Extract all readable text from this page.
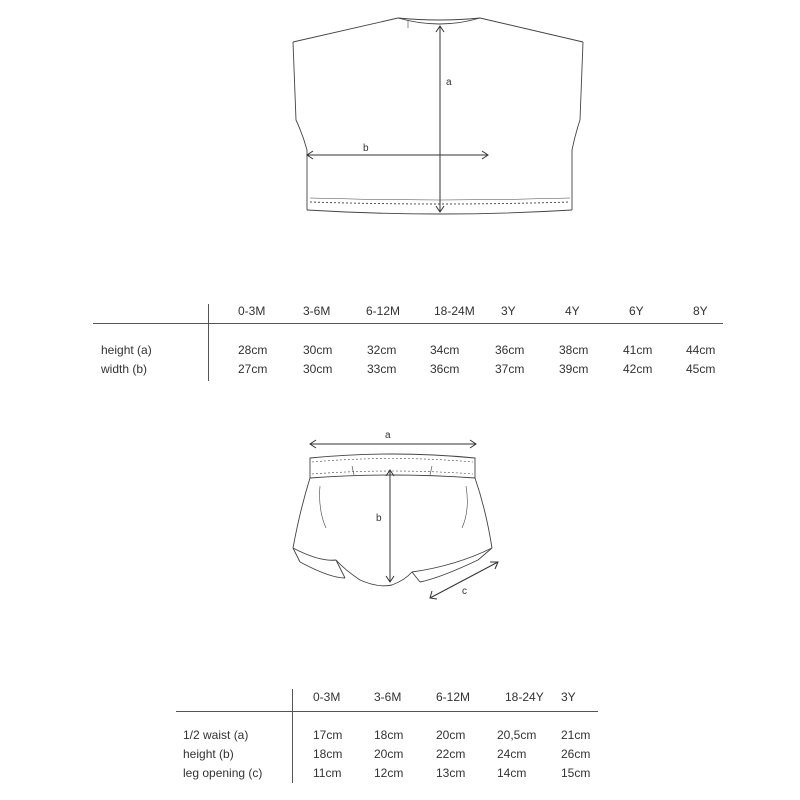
a
b
0-3M	3-6M	6-12M	18-24M 3Y	4Y	6Y	8Y
height (a)	28cm	30cm	32cm	34cm	36cm	38cm	41cm	44cm
width (b)	27cm	30cm	33cm	36cm	37cm	39cm	42cm	45cm
a
b
c
0-3M	3-6M	6-12M	18-24Y 3Y
1/2 waist (a)	17cm	18cm	20cm	20,5cm 21cm
height (b)	18cm	20cm	22cm	24cm	26cm
leg opening (c)	11cm	12cm	13cm	14cm	15cm
